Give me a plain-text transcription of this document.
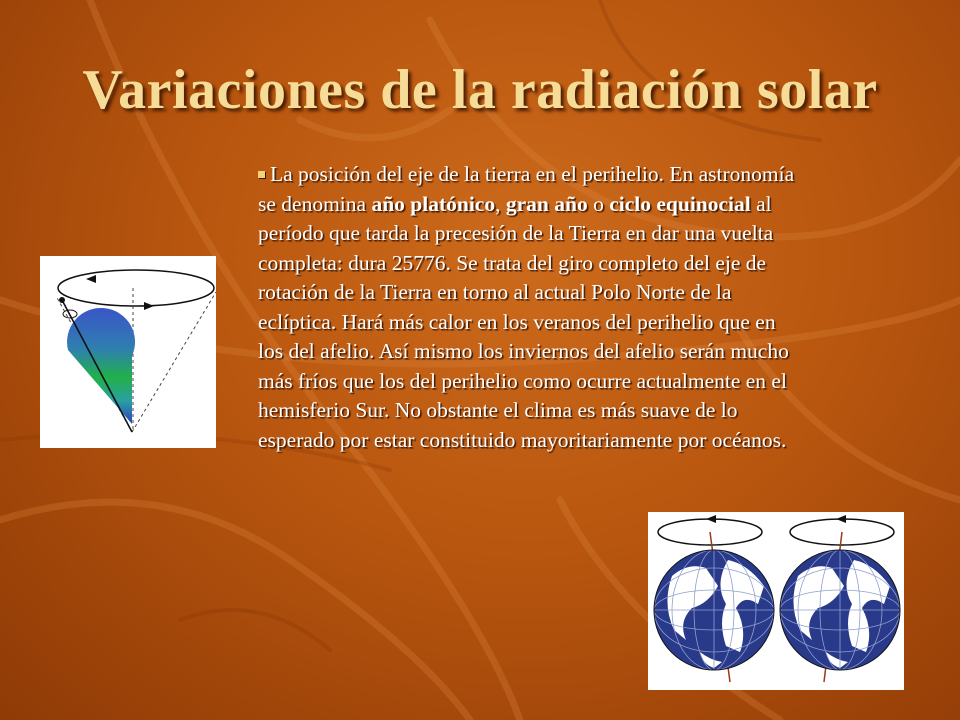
Variaciones de la radiación solar
La posición del eje de la tierra en el perihelio. En astronomía se denomina año platónico, gran año o ciclo equinocial al período que tarda la precesión de la Tierra en dar una vuelta completa: dura 25776. Se trata del giro completo del eje de rotación de la Tierra en torno al actual Polo Norte de la eclíptica. Hará más calor en los veranos del perihelio que en los del afelio. Así mismo los inviernos del afelio serán mucho más fríos que los del perihelio como ocurre actualmente en el hemisferio Sur. No obstante el clima es más suave de lo esperado por estar constituido mayoritariamente por océanos.
